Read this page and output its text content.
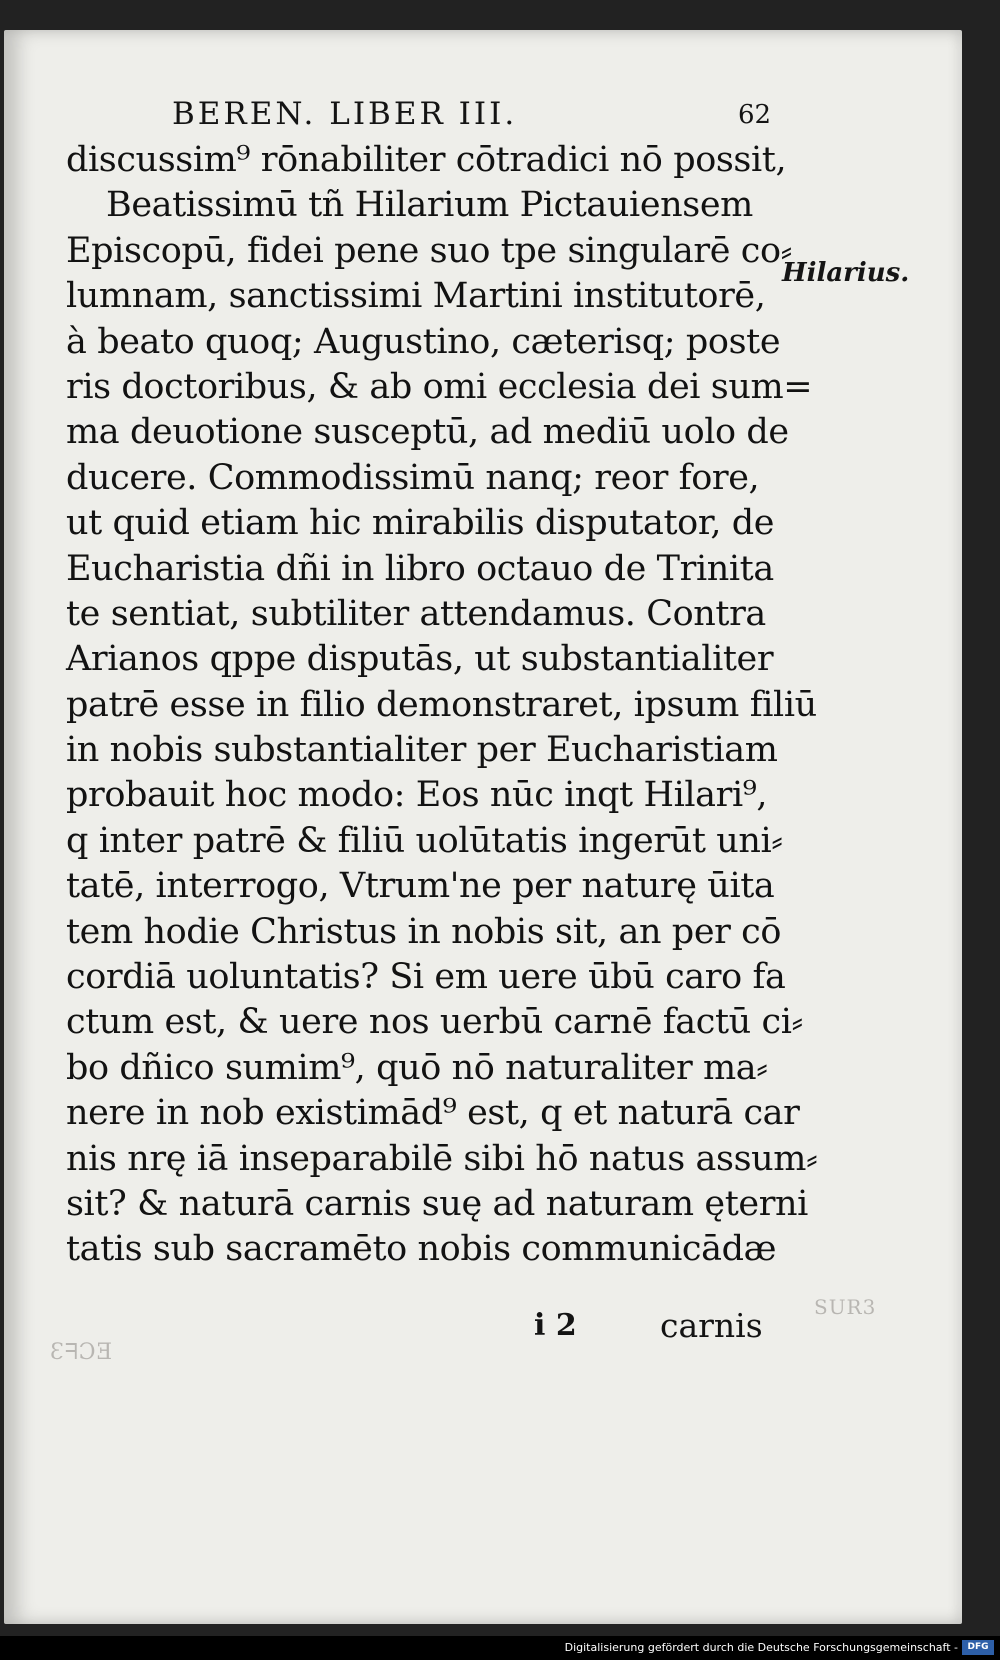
ƐᖷƆƎ
SUR3
BEREN. LIBER III.	62
discussim⁹ rōnabiliter cōtradici nō possit,
Beatissimū tñ Hilarium Pictauiensem
Episcopū, fidei pene suo tpe singularē co⸗
lumnam, sanctissimi Martini institutorē,
à beato quoq; Augustino, cæterisq; poste
ris doctoribus, & ab omi ecclesia dei sum=
ma deuotione susceptū, ad mediū uolo de
ducere. Commodissimū nanq; reor fore,
ut quid etiam hic mirabilis disputator, de
Eucharistia dñi in libro octauo de Trinita
te sentiat, subtiliter attendamus. Contra
Arianos qppe disputās, ut substantialiter
patrē esse in filio demonstraret, ipsum filiū
in nobis substantialiter per Eucharistiam
probauit hoc modo: Eos nūc inqt Hilari⁹,
q inter patrē & filiū uolūtatis ingerūt uni⸗
tatē, interrogo, Vtrum'ne per naturę ūita
tem hodie Christus in nobis sit, an per cō
cordiā uoluntatis? Si em uere ūbū caro fa
ctum est, & uere nos uerbū carnē factū ci⸗
bo dñico sumim⁹, quō nō naturaliter ma⸗
nere in nob existimād⁹ est, q et naturā car
nis nrę iā inseparabilē sibi hō natus assum⸗
sit? & naturā carnis suę ad naturam ęterni
tatis sub sacramēto nobis communicādæ
Hilarius.
i 2	carnis
Digitalisierung gefördert durch die Deutsche Forschungsgemeinschaft -	DFG
